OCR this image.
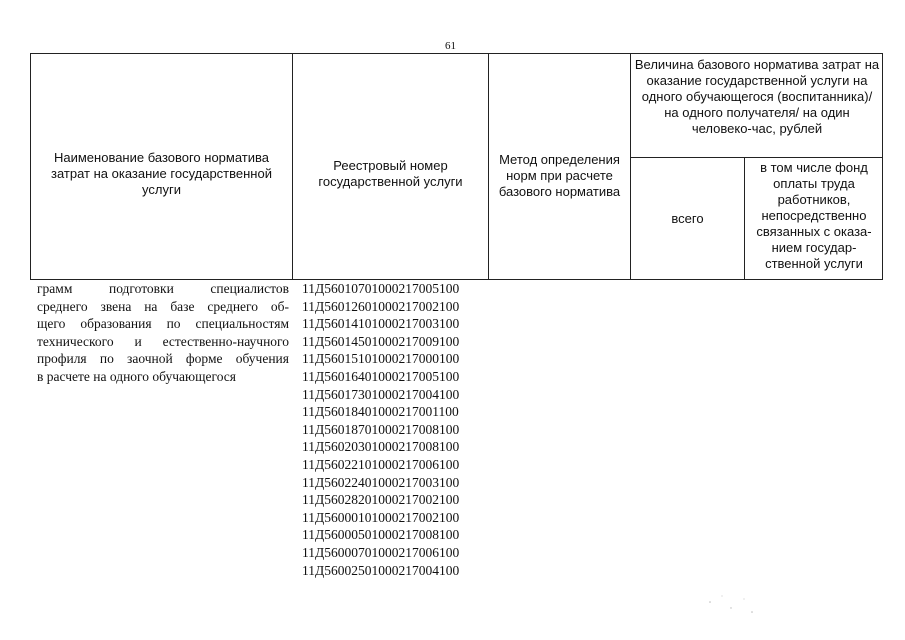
61
Наименование базового норматива затрат на оказание государственной услуги
Реестровый номер государственной услуги
Метод определения норм при расчете базового норматива
Величина базового норматива затрат на оказание государственной услуги на одного обучающегося (воспитанника)/ на одного получателя/ на один человеко-час, рублей
всего
в том числе фонд оплаты труда работников, непосредственно связанных с оказа-нием государ-ственной услуги
грамм подготовки специалистов
среднего звена на базе среднего об-
щего образования по специальностям
технического и естественно-научного
профиля по заочной форме обучения
в расчете на одного обучающегося
11Д56010701000217005100
11Д56012601000217002100
11Д56014101000217003100
11Д56014501000217009100
11Д56015101000217000100
11Д56016401000217005100
11Д56017301000217004100
11Д56018401000217001100
11Д56018701000217008100
11Д56020301000217008100
11Д56022101000217006100
11Д56022401000217003100
11Д56028201000217002100
11Д56000101000217002100
11Д56000501000217008100
11Д56000701000217006100
11Д56002501000217004100
